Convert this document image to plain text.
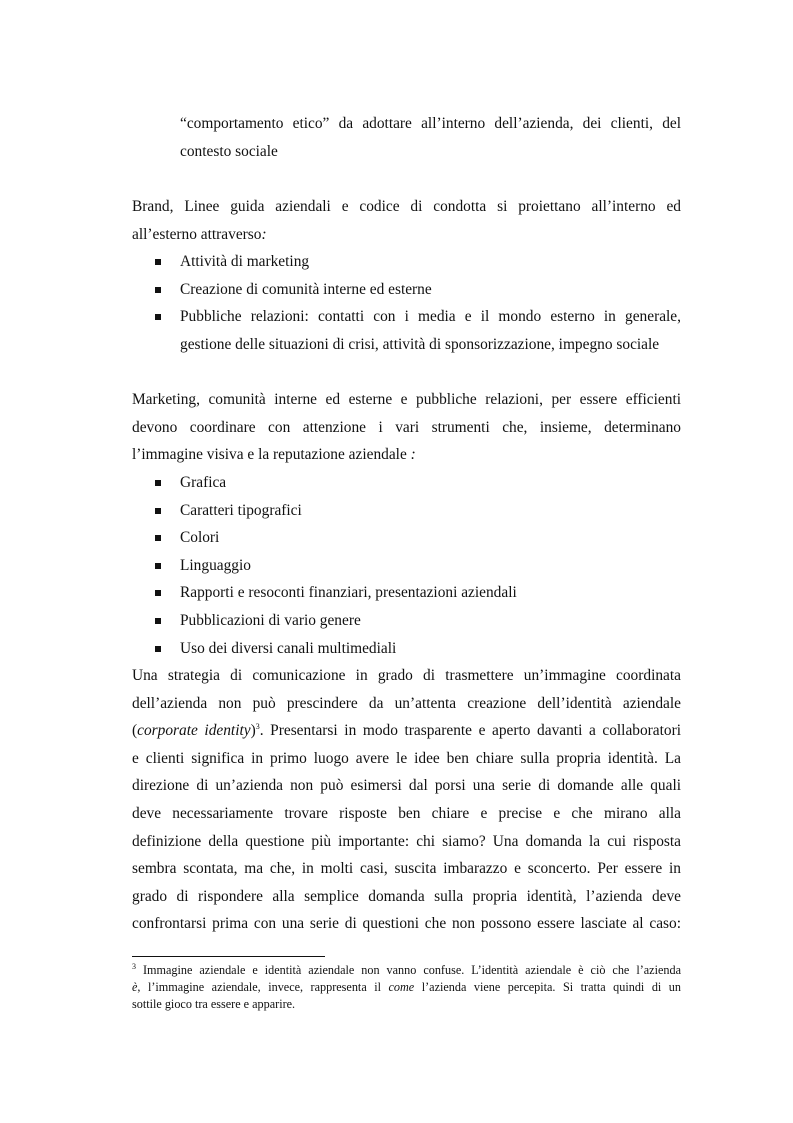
“comportamento etico” da adottare all’interno dell’azienda, dei clienti, del
contesto sociale
Brand, Linee guida aziendali e codice di condotta si proiettano all’interno ed
all’esterno attraverso:
Attività di marketing
Creazione di comunità interne ed esterne
Pubbliche relazioni: contatti con i media e il mondo esterno in generale,
gestione delle situazioni di crisi, attività di sponsorizzazione, impegno sociale
Marketing, comunità interne ed esterne e pubbliche relazioni, per essere efficienti
devono coordinare con attenzione i vari strumenti che, insieme, determinano
l’immagine visiva e la reputazione aziendale :
Grafica
Caratteri tipografici
Colori
Linguaggio
Rapporti e resoconti finanziari, presentazioni aziendali
Pubblicazioni di vario genere
Uso dei diversi canali multimediali
Una strategia di comunicazione in grado di trasmettere un’immagine coordinata
dell’azienda non può prescindere da un’attenta creazione dell’identità aziendale
(corporate identity)$^3$. Presentarsi in modo trasparente e aperto davanti a collaboratori
e clienti significa in primo luogo avere le idee ben chiare sulla propria identità. La
direzione di un’azienda non può esimersi dal porsi una serie di domande alle quali
deve necessariamente trovare risposte ben chiare e precise e che mirano alla
definizione della questione più importante: chi siamo? Una domanda la cui risposta
sembra scontata, ma che, in molti casi, suscita imbarazzo e sconcerto. Per essere in
grado di rispondere alla semplice domanda sulla propria identità, l’azienda deve
confrontarsi prima con una serie di questioni che non possono essere lasciate al caso:
$^3$ Immagine aziendale e identità aziendale non vanno confuse. L’identità aziendale è ciò che l’azienda
è, l’immagine aziendale, invece, rappresenta il come l’azienda viene percepita. Si tratta quindi di un
sottile gioco tra essere e apparire.
